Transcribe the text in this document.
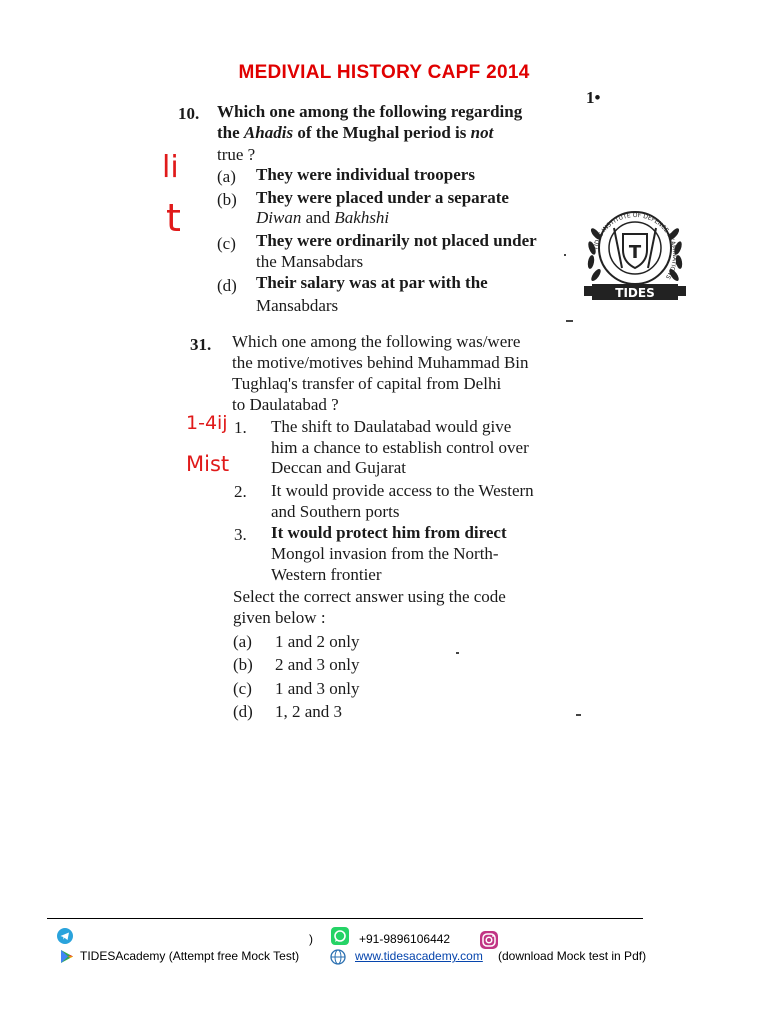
MEDIVIAL HISTORY CAPF 2014
1•
10. Which one among the following regarding
the Ahadis of the Mughal period is not
true ?
(a) They were individual troopers
(b) They were placed under a separate
Diwan and Bakhshi
(c) They were ordinarily not placed under
the Mansabdars
(d) Their salary was at par with the
Mansabdars
31. Which one among the following was/were
the motive/motives behind Muhammad Bin
Tughlaq's transfer of capital from Delhi
to Daulatabad ?
1. The shift to Daulatabad would give
him a chance to establish control over
Deccan and Gujarat
2. It would provide access to the Western
and Southern ports
3. It would protect him from direct
Mongol invasion from the North-
Western frontier
Select the correct answer using the code
given below :
(a) 1 and 2 only
(b) 2 and 3 only
(c) 1 and 3 only
(d) 1, 2 and 3
li
t
1-4ij
Mist
TIDES INSTITUTE OF DEFENCE EXAMINATIONS
T
TIDES
)	+91-9896106442
TIDESAcademy (Attempt free Mock Test)	www.tidesacademy.com (download Mock test in Pdf)
